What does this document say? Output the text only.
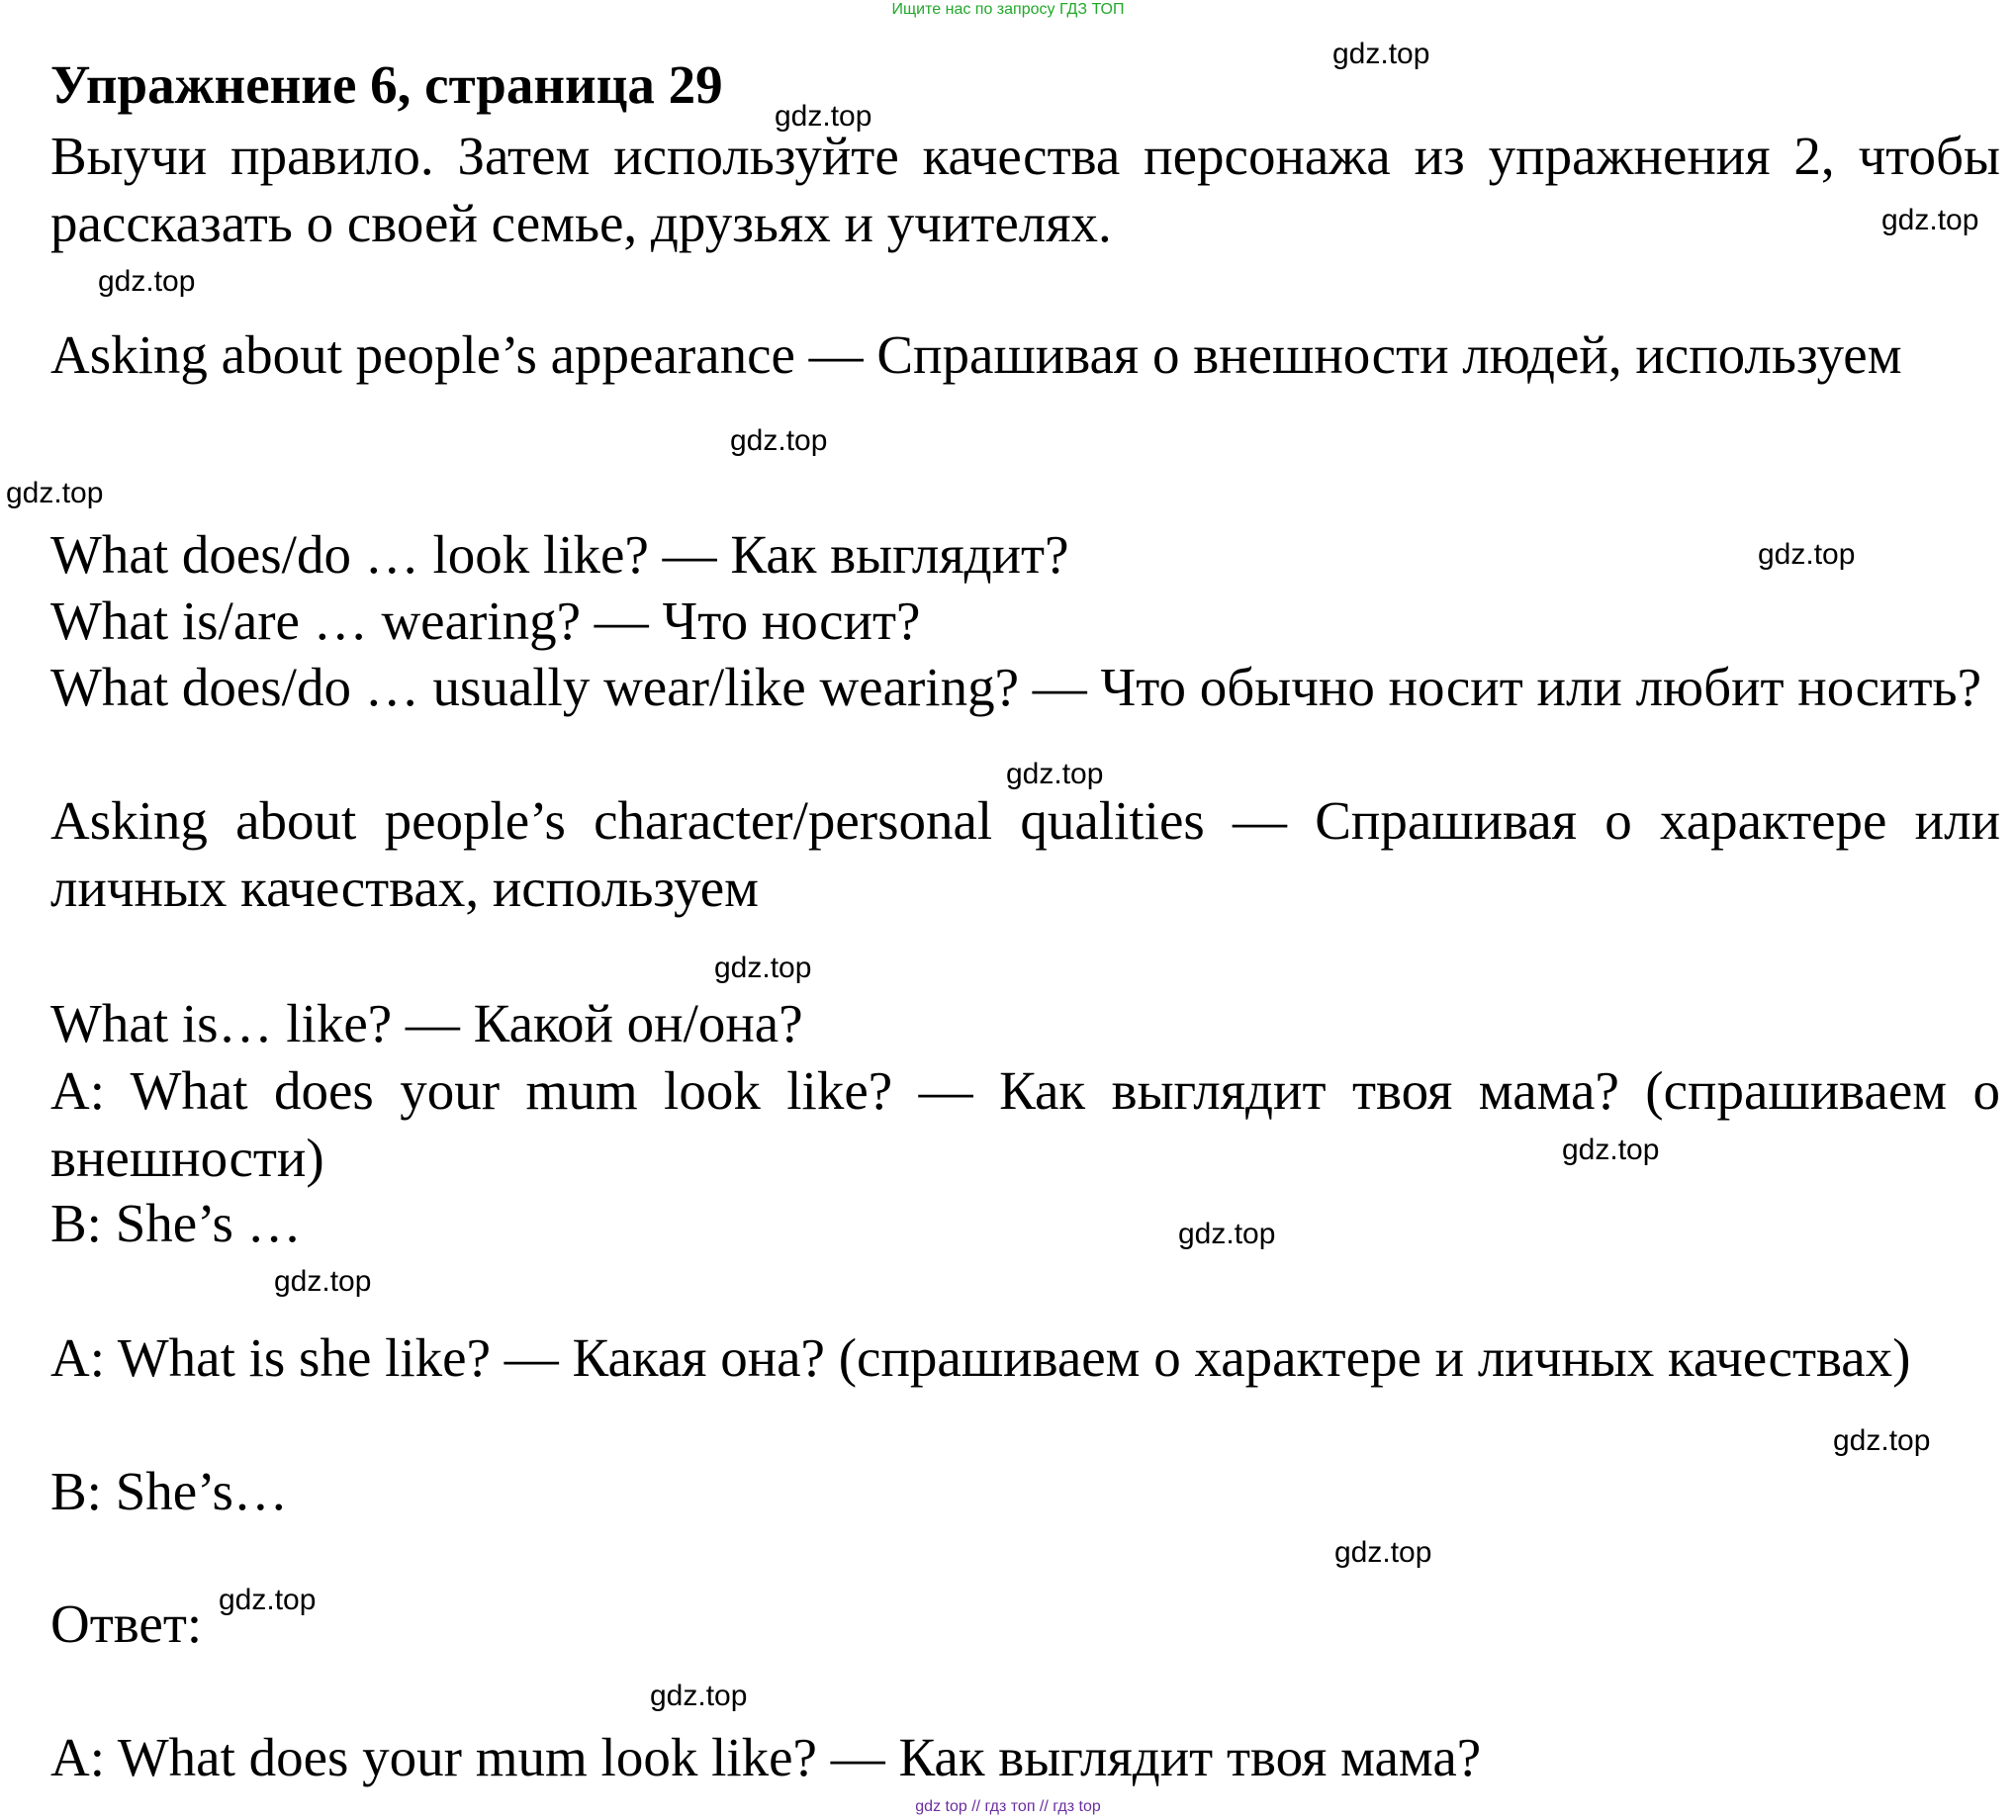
Ищите нас по запросу ГДЗ ТОП
Упражнение 6, страница 29
Выучи правило. Затем используйте качества персонажа из упражнения 2, чтобы рассказать о своей семье, друзьях и учителях.
Asking about people’s appearance — Спрашивая о внешности людей, используем
What does/do … look like? — Как выглядит?
What is/are … wearing? — Что носит?
What does/do … usually wear/like wearing? — Что обычно носит или любит носить?
Asking about people’s character/personal qualities — Спрашивая о характере или личных качествах, используем
What is… like? — Какой он/она?
A: What does your mum look like? — Как выглядит твоя мама? (спрашиваем о внешности)
B: She’s …
A: What is she like? — Какая она? (спрашиваем о характере и личных качествах)
B: She’s…
Ответ:
A: What does your mum look like? — Как выглядит твоя мама?
gdz.top
gdz.top
gdz.top
gdz.top
gdz.top
gdz.top
gdz.top
gdz.top
gdz.top
gdz.top
gdz.top
gdz.top
gdz.top
gdz.top
gdz.top
gdz.top
gdz top // гдз топ // гдз top
